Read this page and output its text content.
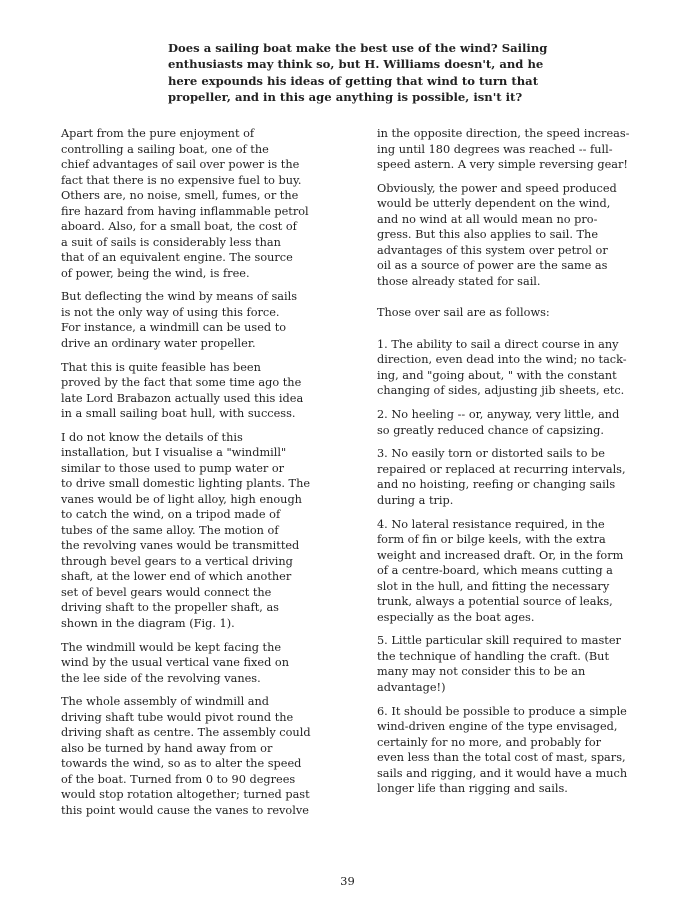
Does a sailing boat make the best use of the wind? Sailing
enthusiasts may think so, but H. Williams doesn't, and he
here expounds his ideas of getting that wind to turn that
propeller, and in this age anything is possible, isn't it?

Apart from the pure enjoyment of
controlling a sailing boat, one of the
chief advantages of sail over power is the
fact that there is no expensive fuel to buy.
Others are, no noise, smell, fumes, or the
fire hazard from having inflammable petrol
aboard. Also, for a small boat, the cost of
a suit of sails is considerably less than
that of an equivalent engine. The source
of power, being the wind, is free.

But deflecting the wind by means of sails
is not the only way of using this force.
For instance, a windmill can be used to
drive an ordinary water propeller.

That this is quite feasible has been
proved by the fact that some time ago the
late Lord Brabazon actually used this idea
in a small sailing boat hull, with success.

I do not know the details of this
installation, but I visualise a "windmill"
similar to those used to pump water or
to drive small domestic lighting plants. The
vanes would be of light alloy, high enough
to catch the wind, on a tripod made of
tubes of the same alloy. The motion of
the revolving vanes would be transmitted
through bevel gears to a vertical driving
shaft, at the lower end of which another
set of bevel gears would connect the
driving shaft to the propeller shaft, as
shown in the diagram (Fig. 1).

The windmill would be kept facing the
wind by the usual vertical vane fixed on
the lee side of the revolving vanes.

The whole assembly of windmill and
driving shaft tube would pivot round the
driving shaft as centre. The assembly could
also be turned by hand away from or
towards the wind, so as to alter the speed
of the boat. Turned from 0 to 90 degrees
would stop rotation altogether; turned past
this point would cause the vanes to revolve

in the opposite direction, the speed increas-
ing until 180 degrees was reached -- full-
speed astern. A very simple reversing gear!

Obviously, the power and speed produced
would be utterly dependent on the wind,
and no wind at all would mean no pro-
gress. But this also applies to sail. The
advantages of this system over petrol or
oil as a source of power are the same as
those already stated for sail.

Those over sail are as follows:

1. The ability to sail a direct course in any
direction, even dead into the wind; no tack-
ing, and "going about, " with the constant
changing of sides, adjusting jib sheets, etc.

2. No heeling -- or, anyway, very little, and
so greatly reduced chance of capsizing.

3. No easily torn or distorted sails to be
repaired or replaced at recurring intervals,
and no hoisting, reefing or changing sails
during a trip.

4. No lateral resistance required, in the
form of fin or bilge keels, with the extra
weight and increased draft. Or, in the form
of a centre-board, which means cutting a
slot in the hull, and fitting the necessary
trunk, always a potential source of leaks,
especially as the boat ages.

5. Little particular skill required to master
the technique of handling the craft. (But
many may not consider this to be an
advantage!)

6. It should be possible to produce a simple
wind-driven engine of the type envisaged,
certainly for no more, and probably for
even less than the total cost of mast, spars,
sails and rigging, and it would have a much
longer life than rigging and sails.

39
